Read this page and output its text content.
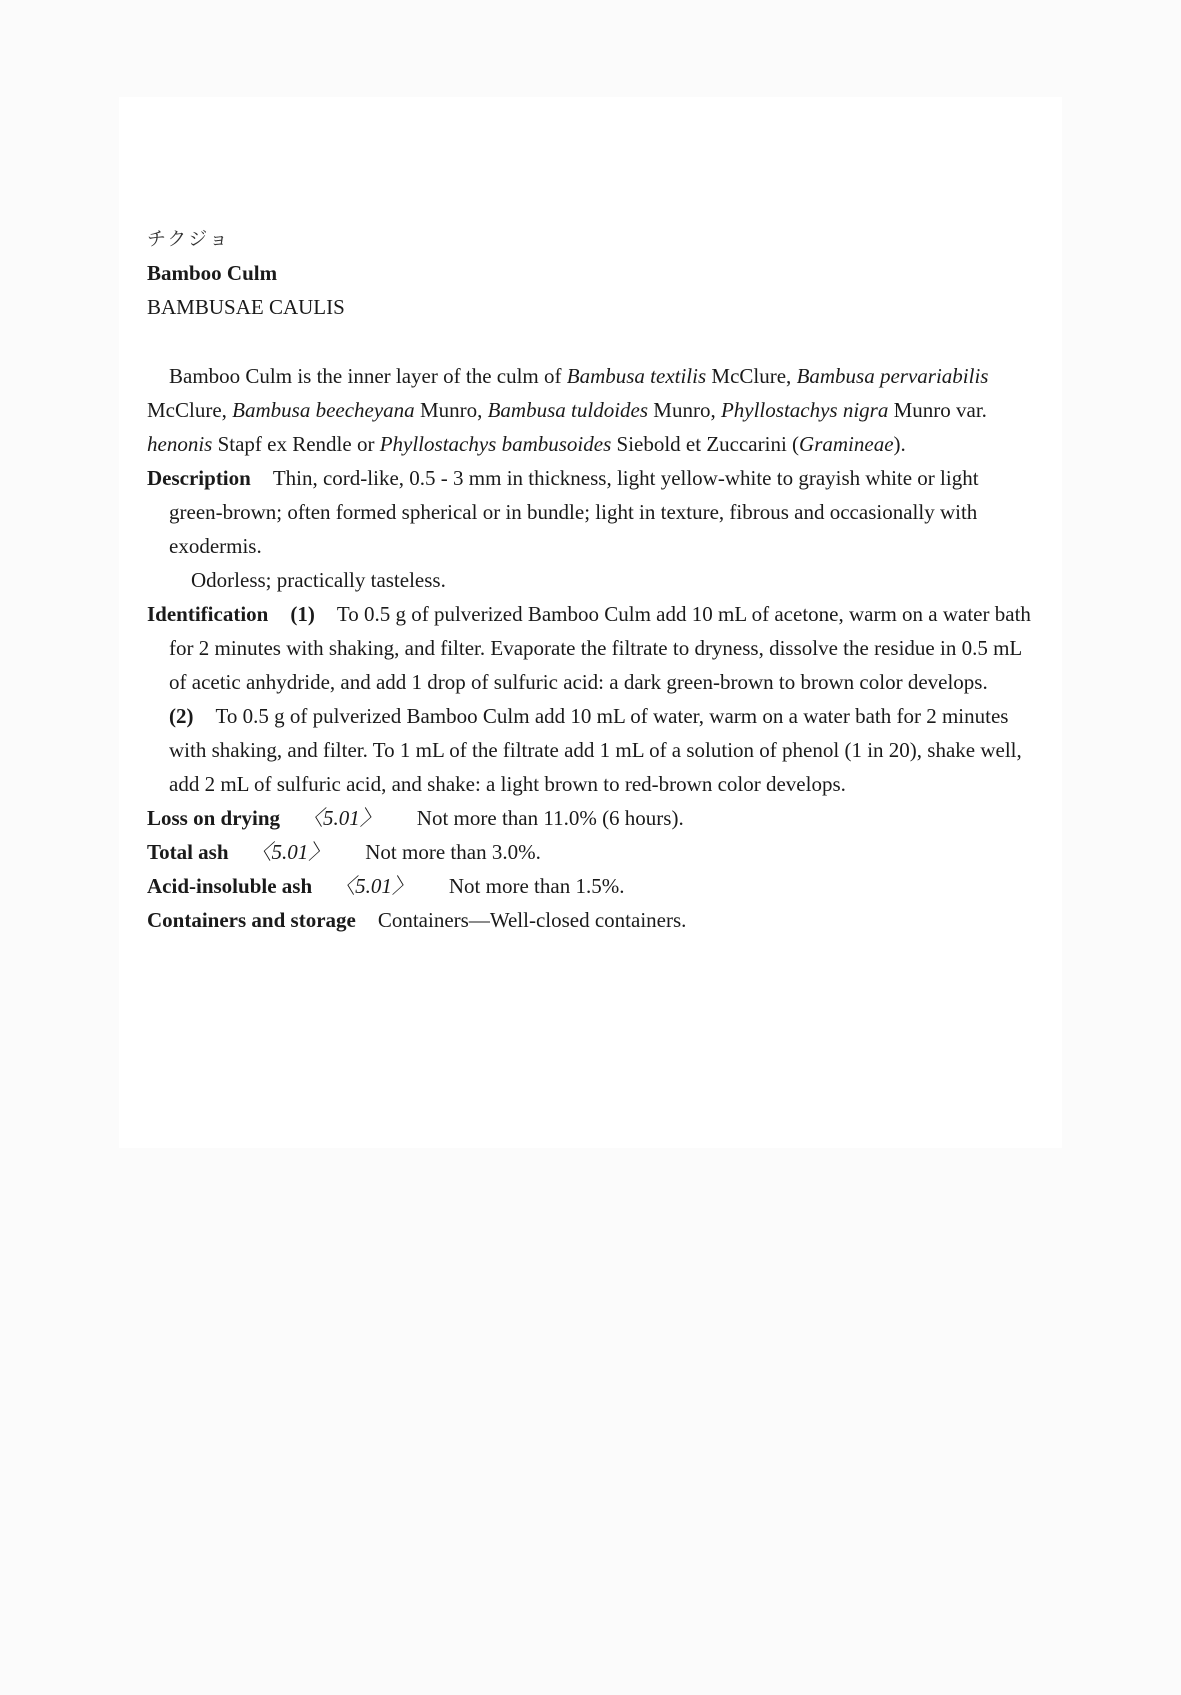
チクジョ

Bamboo Culm

BAMBUSAE CAULIS

Bamboo Culm is the inner layer of the culm of Bambusa textilis McClure, Bambusa pervariabilis McClure, Bambusa beecheyana Munro, Bambusa tuldoides Munro, Phyllostachys nigra Munro var. henonis Stapf ex Rendle or Phyllostachys bambusoides Siebold et Zuccarini (Gramineae).

Description Thin, cord-like, 0.5 - 3 mm in thickness, light yellow-white to grayish white or light green-brown; often formed spherical or in bundle; light in texture, fibrous and occasionally with exodermis.

Odorless; practically tasteless.

Identification (1) To 0.5 g of pulverized Bamboo Culm add 10 mL of acetone, warm on a water bath for 2 minutes with shaking, and filter. Evaporate the filtrate to dryness, dissolve the residue in 0.5 mL of acetic anhydride, and add 1 drop of sulfuric acid: a dark green-brown to brown color develops.

(2) To 0.5 g of pulverized Bamboo Culm add 10 mL of water, warm on a water bath for 2 minutes with shaking, and filter. To 1 mL of the filtrate add 1 mL of a solution of phenol (1 in 20), shake well, add 2 mL of sulfuric acid, and shake: a light brown to red-brown color develops.

Loss on drying 〈5.01〉 Not more than 11.0% (6 hours).

Total ash 〈5.01〉 Not more than 3.0%.

Acid-insoluble ash 〈5.01〉 Not more than 1.5%.

Containers and storage Containers—Well-closed containers.
